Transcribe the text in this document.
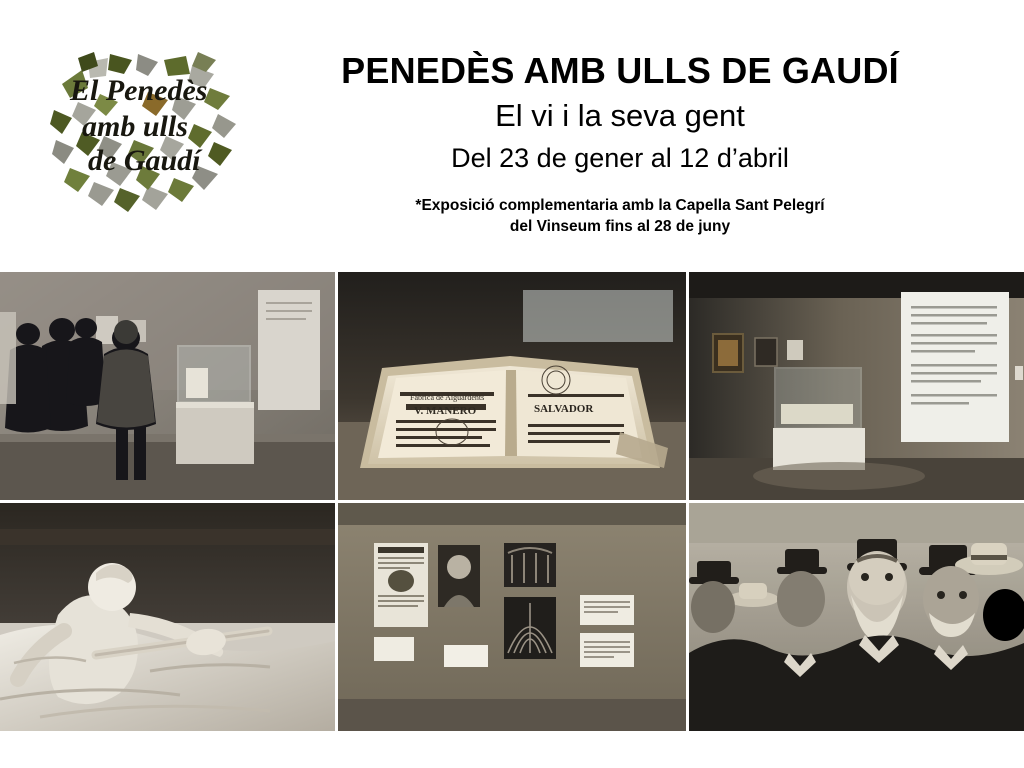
El Penedès
amb ulls
de Gaudí
PENEDÈS AMB ULLS DE GAUDÍ
El vi i la seva gent
Del 23 de gener al 12 d’abril
*Exposició complementaria amb la Capella Sant Pelegrí
del Vinseum fins al 28 de juny
Fabrica de Aiguardents
V. MANERO	SALVADOR
